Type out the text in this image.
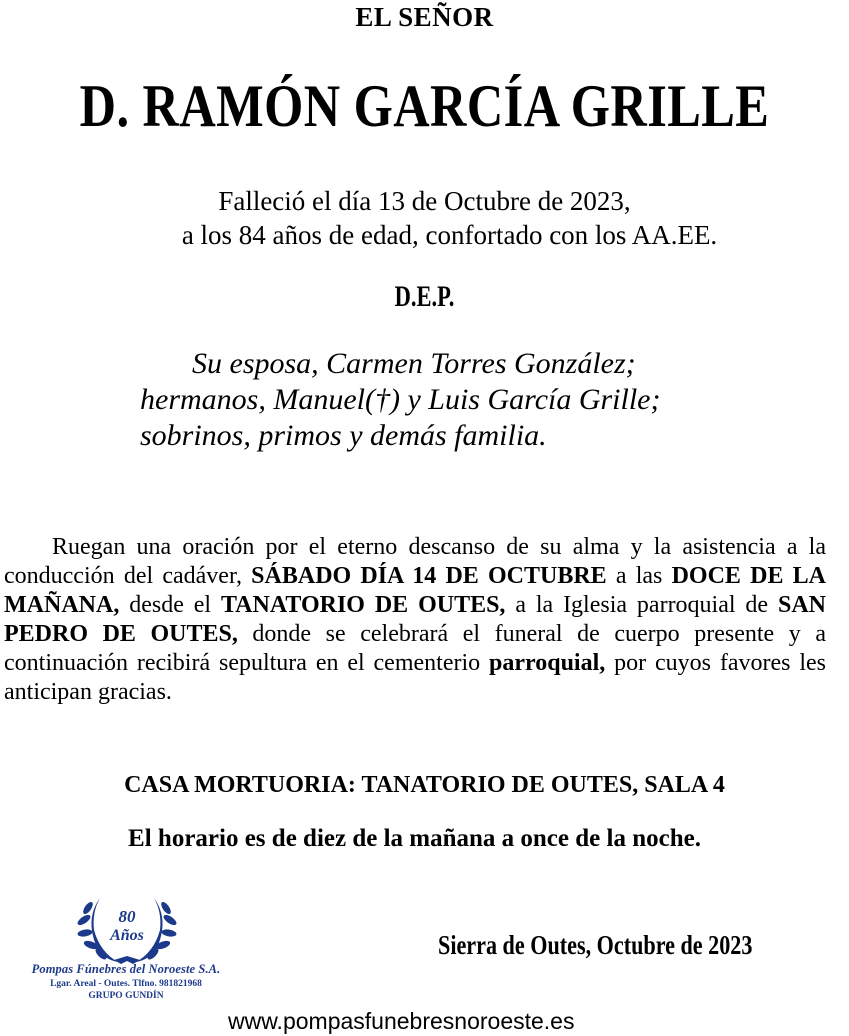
EL SEÑOR
D. RAMÓN GARCÍA GRILLE
Falleció el día 13 de Octubre de 2023,
a los 84 años de edad, confortado con los AA.EE.
D.E.P.

Su esposa, Carmen Torres González;

hermanos, Manuel(†) y Luis García Grille;

sobrinos, primos y demás familia.

Ruegan una oración por el eterno descanso de su alma y la asistencia a la conducción del cadáver, SÁBADO DÍA 14 DE OCTUBRE a las DOCE DE LA MAÑANA, desde el TANATORIO DE OUTES, a la Iglesia parroquial de SAN PEDRO DE OUTES, donde se celebrará el funeral de cuerpo presente y a continuación recibirá sepultura en el cementerio parroquial, por cuyos favores les anticipan gracias.
CASA MORTUORIA: TANATORIO DE OUTES, SALA 4
El horario es de diez de la mañana a once de la noche.
80
Años
Pompas Fúnebres del Noroeste S.A.
Lgar. Areal - Outes. Tlfno. 981821968
GRUPO GUNDÍN
Sierra de Outes, Octubre de 2023
www.pompasfunebresnoroeste.es
